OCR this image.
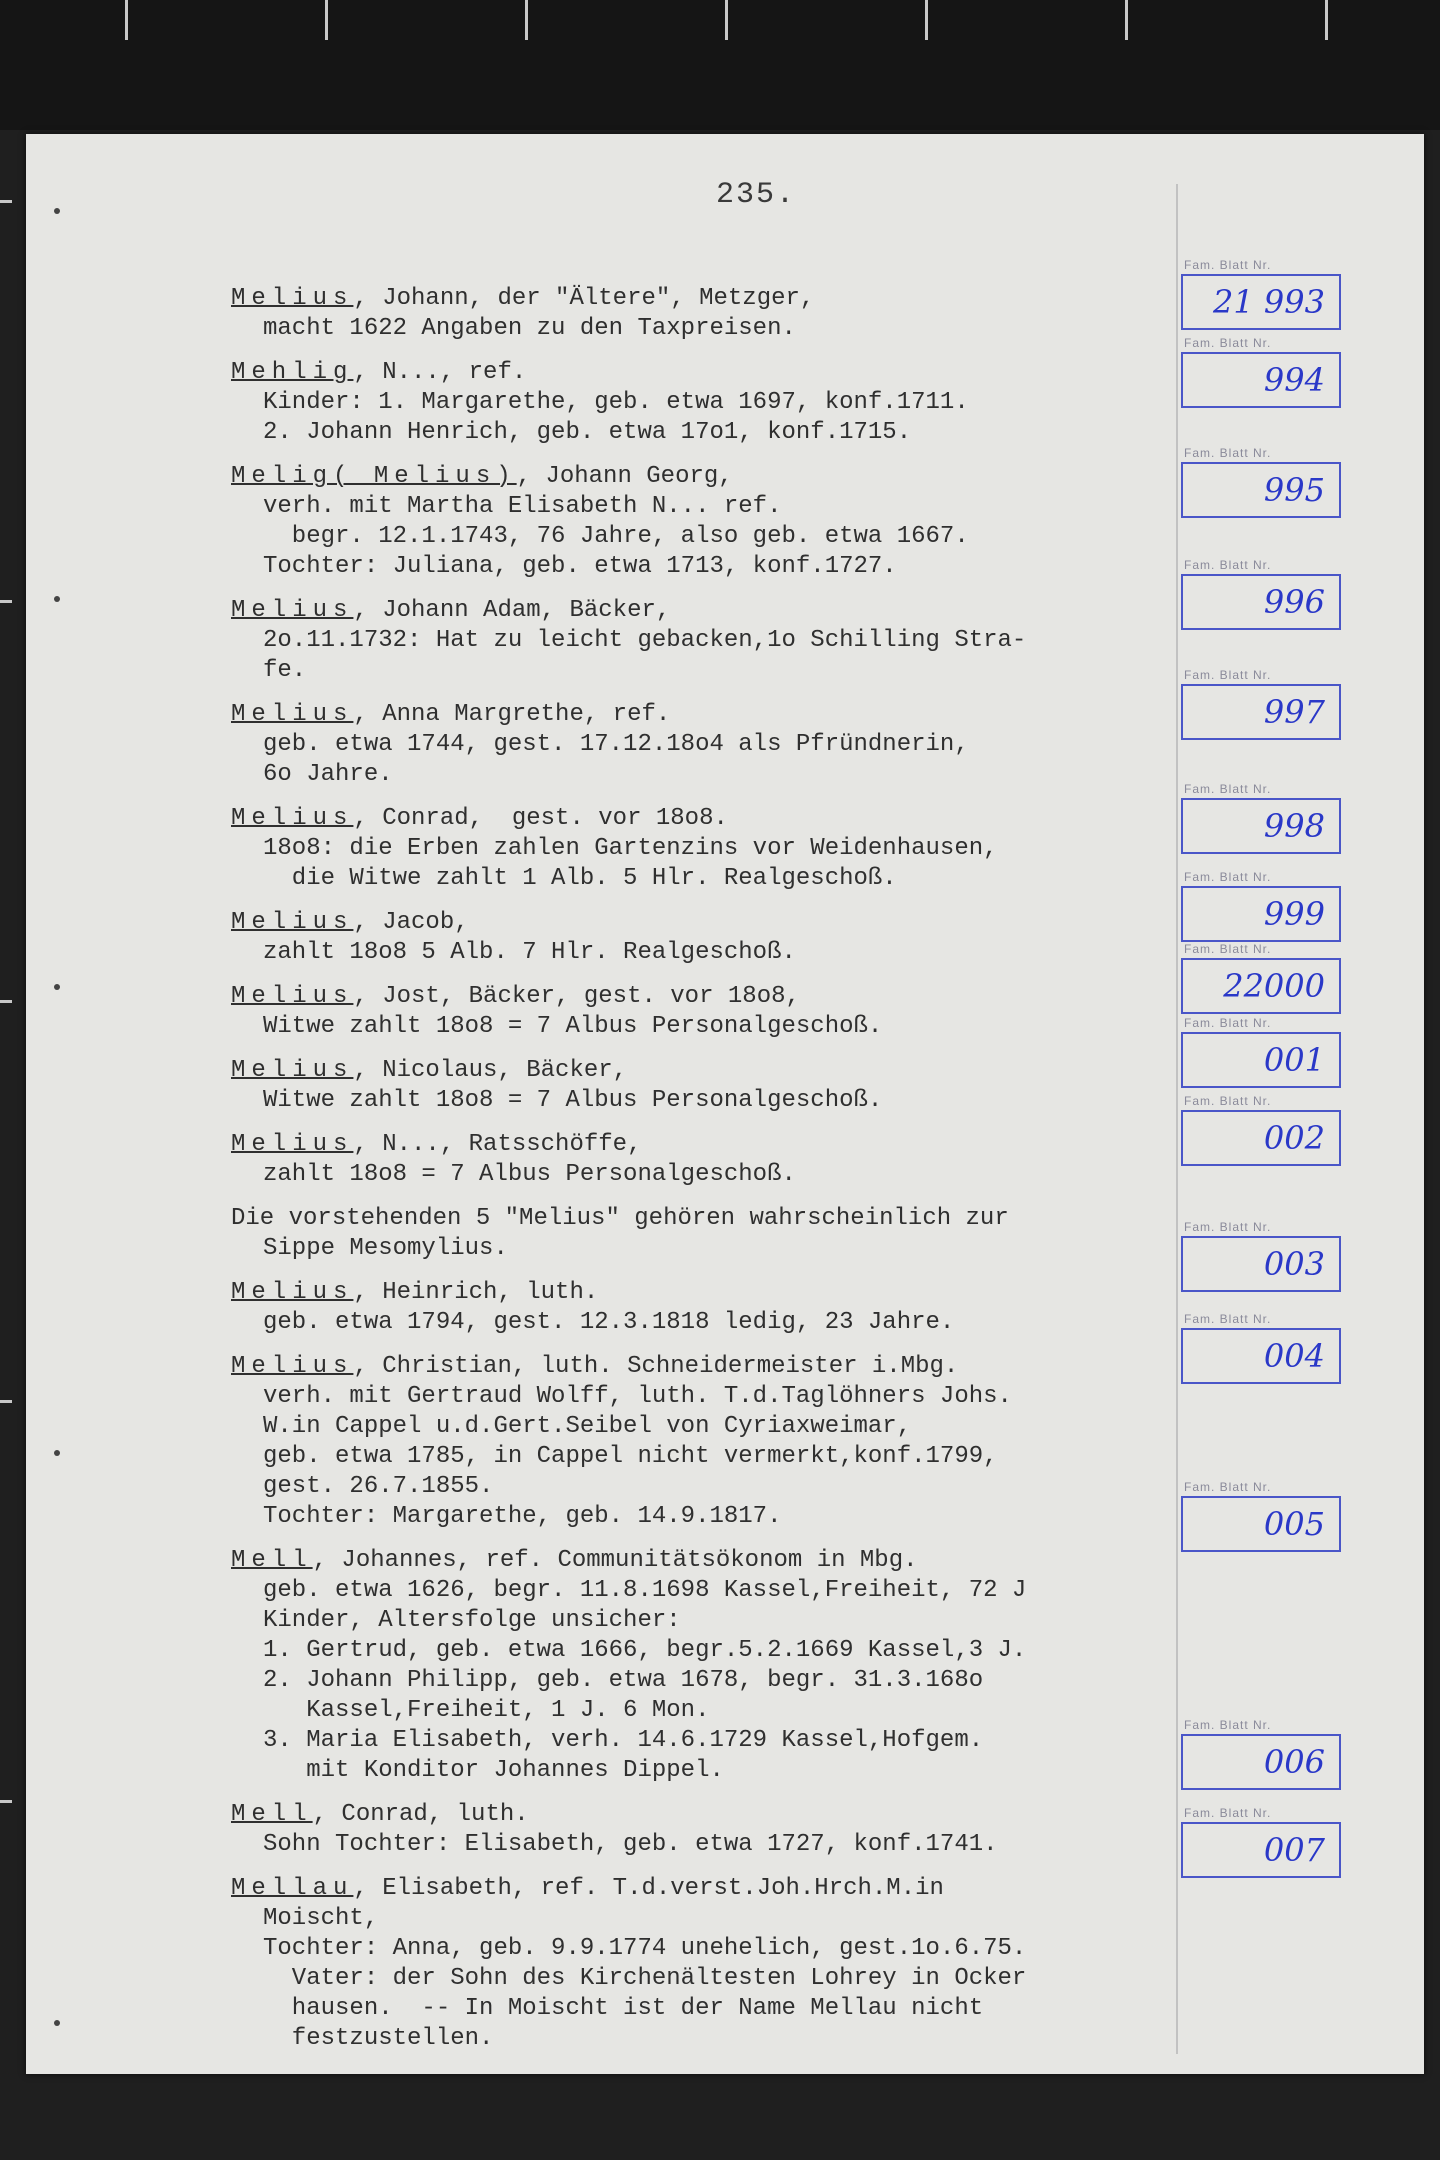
235.
Melius, Johann, der "Ältere", Metzger,
macht 1622 Angaben zu den Taxpreisen.
Mehlig, N..., ref.
Kinder: 1. Margarethe, geb. etwa 1697, konf.1711.
2. Johann Henrich, geb. etwa 17o1, konf.1715.
Melig( Melius), Johann Georg,
verh. mit Martha Elisabeth N... ref.
begr. 12.1.1743, 76 Jahre, also geb. etwa 1667.
Tochter: Juliana, geb. etwa 1713, konf.1727.
Melius, Johann Adam, Bäcker,
2o.11.1732: Hat zu leicht gebacken,1o Schilling Stra-
fe.
Melius, Anna Margrethe, ref.
geb. etwa 1744, gest. 17.12.18o4 als Pfründnerin,
6o Jahre.
Melius, Conrad,  gest. vor 18o8.
18o8: die Erben zahlen Gartenzins vor Weidenhausen,
die Witwe zahlt 1 Alb. 5 Hlr. Realgeschoß.
Melius, Jacob,
zahlt 18o8 5 Alb. 7 Hlr. Realgeschoß.
Melius, Jost, Bäcker, gest. vor 18o8,
Witwe zahlt 18o8 = 7 Albus Personalgeschoß.
Melius, Nicolaus, Bäcker,
Witwe zahlt 18o8 = 7 Albus Personalgeschoß.
Melius, N..., Ratsschöffe,
zahlt 18o8 = 7 Albus Personalgeschoß.
Die vorstehenden 5 "Melius" gehören wahrscheinlich zur
Sippe Mesomylius.
Melius, Heinrich, luth.
geb. etwa 1794, gest. 12.3.1818 ledig, 23 Jahre.
Melius, Christian, luth. Schneidermeister i.Mbg.
verh. mit Gertraud Wolff, luth. T.d.Taglöhners Johs.
W.in Cappel u.d.Gert.Seibel von Cyriaxweimar,
geb. etwa 1785, in Cappel nicht vermerkt,konf.1799,
gest. 26.7.1855.
Tochter: Margarethe, geb. 14.9.1817.
Mell, Johannes, ref. Communitätsökonom in Mbg.
geb. etwa 1626, begr. 11.8.1698 Kassel,Freiheit, 72 J
Kinder, Altersfolge unsicher:
1. Gertrud, geb. etwa 1666, begr.5.2.1669 Kassel,3 J.
2. Johann Philipp, geb. etwa 1678, begr. 31.3.168o
Kassel,Freiheit, 1 J. 6 Mon.
3. Maria Elisabeth, verh. 14.6.1729 Kassel,Hofgem.
mit Konditor Johannes Dippel.
Mell, Conrad, luth.
Sohn Tochter: Elisabeth, geb. etwa 1727, konf.1741.
Mellau, Elisabeth, ref. T.d.verst.Joh.Hrch.M.in
Moischt,
Tochter: Anna, geb. 9.9.1774 unehelich, gest.1o.6.75.
Vater: der Sohn des Kirchenältesten Lohrey in Ocker
hausen.  -- In Moischt ist der Name Mellau nicht
festzustellen.
Fam. Blatt Nr.
21 993
Fam. Blatt Nr.
994
Fam. Blatt Nr.
995
Fam. Blatt Nr.
996
Fam. Blatt Nr.
997
Fam. Blatt Nr.
998
Fam. Blatt Nr.
999
Fam. Blatt Nr.
22000
Fam. Blatt Nr.
001
Fam. Blatt Nr.
002
Fam. Blatt Nr.
003
Fam. Blatt Nr.
004
Fam. Blatt Nr.
005
Fam. Blatt Nr.
006
Fam. Blatt Nr.
007
